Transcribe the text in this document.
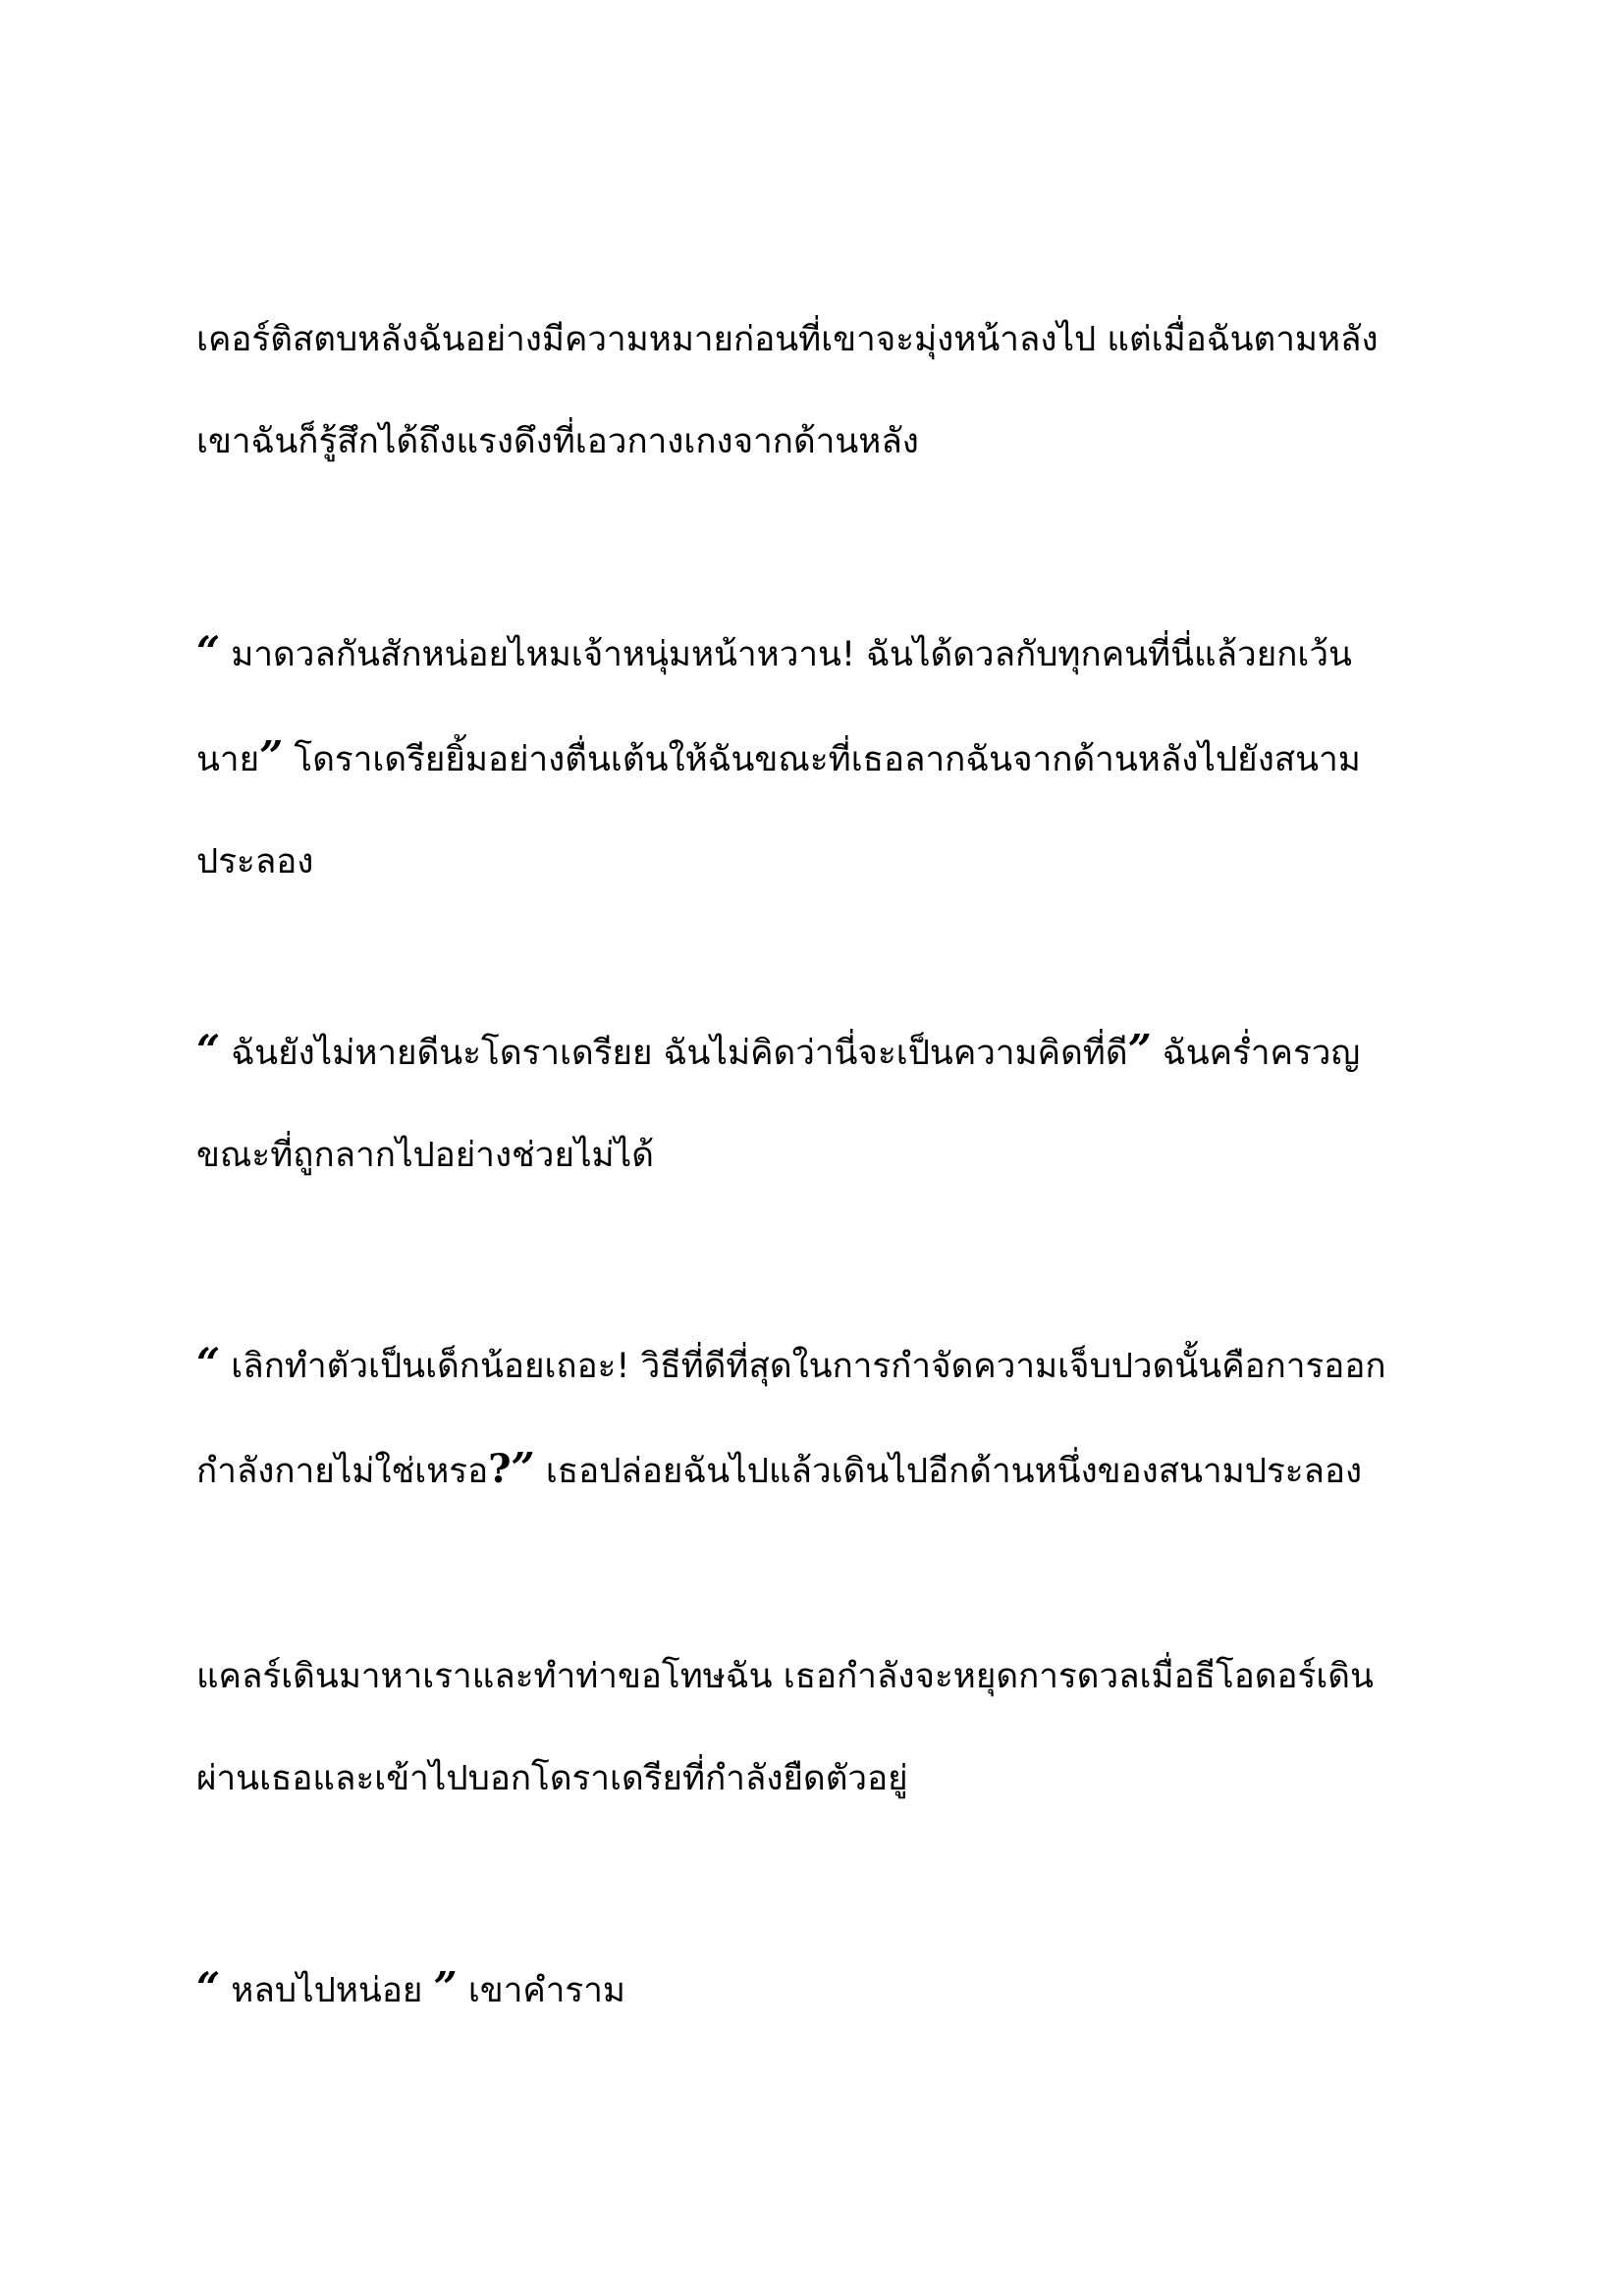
เคอร์ติสตบหลังฉันอย่างมีความหมายก่อนที่เขาจะมุ่งหน้าลงไป แต่เมื่อฉันตามหลัง
เขาฉันก็รู้สึกได้ถึงแรงดึงที่เอวกางเกงจากด้านหลัง

“ มาดวลกันสักหน่อยไหมเจ้าหนุ่มหน้าหวาน! ฉันได้ดวลกับทุกคนที่นี่แล้วยกเว้น
นาย” โดราเดรียยิ้มอย่างตื่นเต้นให้ฉันขณะที่เธอลากฉันจากด้านหลังไปยังสนาม
ประลอง

“ ฉันยังไม่หายดีนะโดราเดรียย ฉันไม่คิดว่านี่จะเป็นความคิดที่ดี” ฉันคร่ำครวญ
ขณะที่ถูกลากไปอย่างช่วยไม่ได้

“ เลิกทำตัวเป็นเด็กน้อยเถอะ! วิธีที่ดีที่สุดในการกำจัดความเจ็บปวดนั้นคือการออก
กำลังกายไม่ใช่เหรอ?” เธอปล่อยฉันไปแล้วเดินไปอีกด้านหนึ่งของสนามประลอง

แคลร์เดินมาหาเราและทำท่าขอโทษฉัน เธอกำลังจะหยุดการดวลเมื่อธีโอดอร์เดิน
ผ่านเธอและเข้าไปบอกโดราเดรียที่กำลังยืดตัวอยู่

“ หลบไปหน่อย ” เขาคำราม
